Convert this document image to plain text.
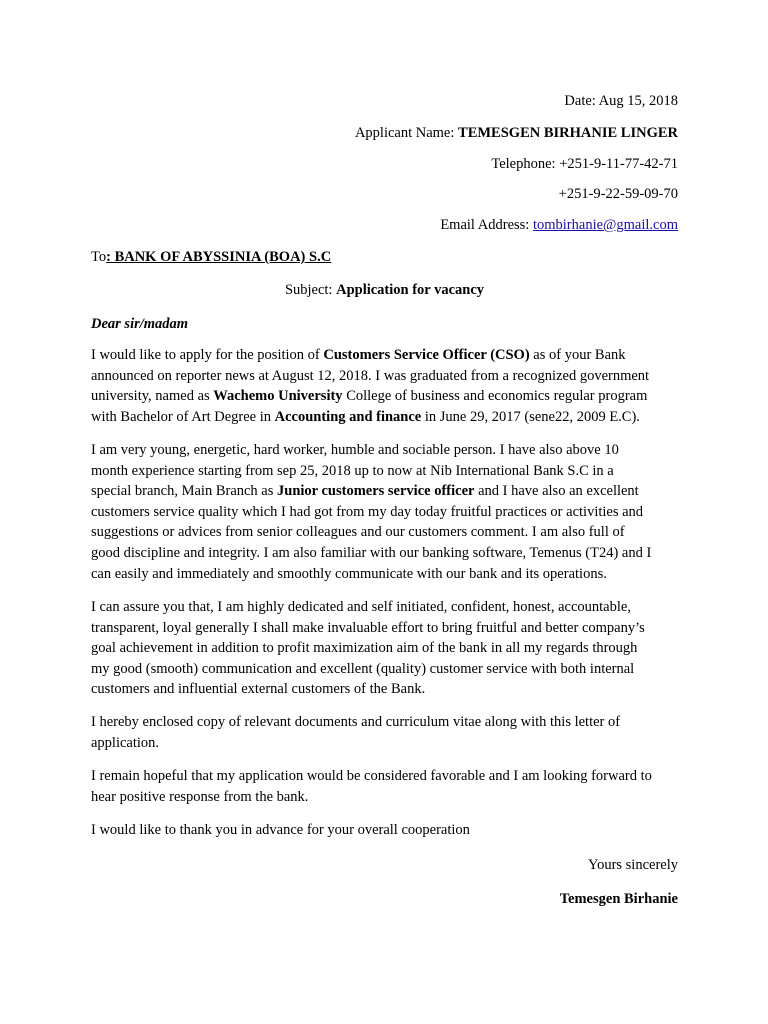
Date: Aug 15, 2018
Applicant Name: TEMESGEN BIRHANIE LINGER
Telephone: +251-9-11-77-42-71
+251-9-22-59-09-70
Email Address: tombirhanie@gmail.com
To: BANK OF ABYSSINIA (BOA) S.C
Subject: Application for vacancy
Dear sir/madam
I would like to apply for the position of Customers Service Officer (CSO) as of your Bank
announced on reporter news at August 12, 2018. I was graduated from a recognized government
university, named as Wachemo University College of business and economics regular program
with Bachelor of Art Degree in Accounting and finance in June 29, 2017 (sene22, 2009 E.C).
I am very young, energetic, hard worker, humble and sociable person. I have also above 10
month experience starting from sep 25, 2018 up to now at Nib International Bank S.C in a
special branch, Main Branch as Junior customers service officer and I have also an excellent
customers service quality which I had got from my day today fruitful practices or activities and
suggestions or advices from senior colleagues and our customers comment. I am also full of
good discipline and integrity. I am also familiar with our banking software, Temenus (T24) and I
can easily and immediately and smoothly communicate with our bank and its operations.
I can assure you that, I am highly dedicated and self initiated, confident, honest, accountable,
transparent, loyal generally I shall make invaluable effort to bring fruitful and better company’s
goal achievement in addition to profit maximization aim of the bank in all my regards through
my good (smooth) communication and excellent (quality) customer service with both internal
customers and influential external customers of the Bank.
I hereby enclosed copy of relevant documents and curriculum vitae along with this letter of
application.
I remain hopeful that my application would be considered favorable and I am looking forward to
hear positive response from the bank.
I would like to thank you in advance for your overall cooperation
Yours sincerely
Temesgen Birhanie
